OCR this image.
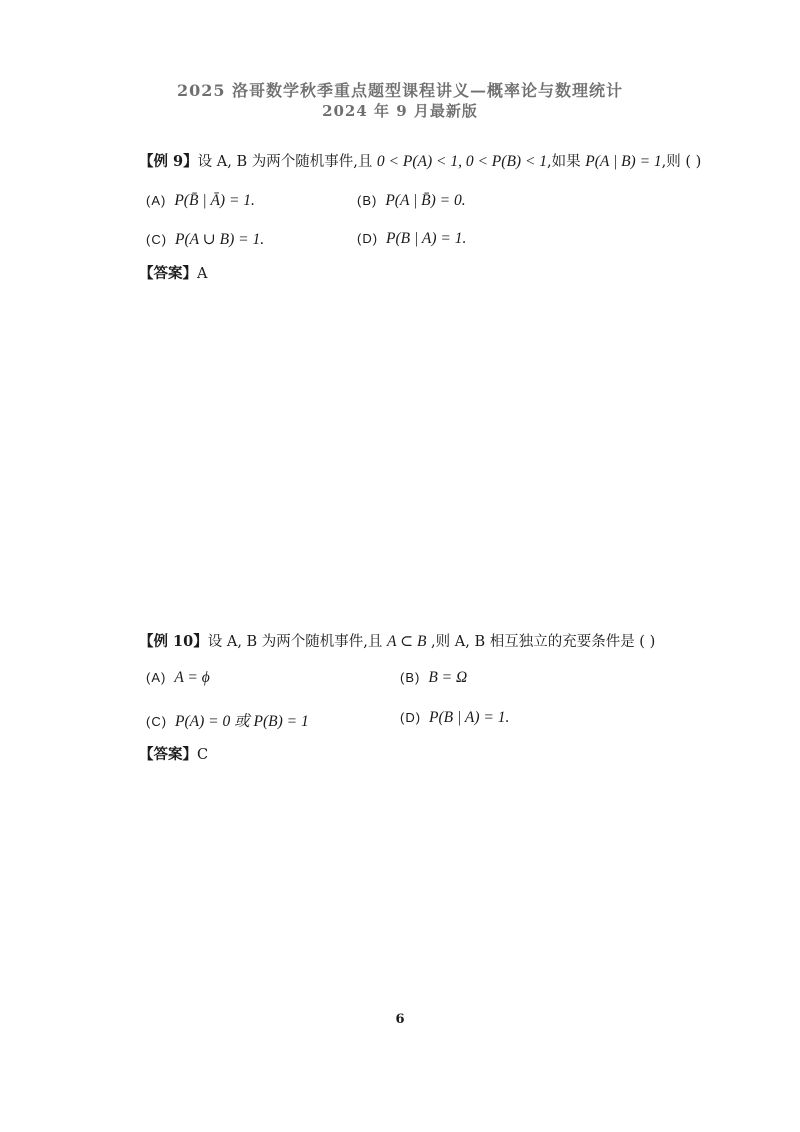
2025 洛哥数学秋季重点题型课程讲义—概率论与数理统计
2024 年 9 月最新版
【例 9】设 A, B 为两个随机事件,且 0 < P(A) < 1, 0 < P(B) < 1,如果 P(A | B) = 1,则 ( )
(A) P(B̄ | Ā) = 1.	(B) P(A | B̄) = 0.
(C) P(A ∪ B) = 1.	(D) P(B | A) = 1.
【答案】A
【例 10】设 A, B 为两个随机事件,且 A ⊂ B ,则 A, B 相互独立的充要条件是 ( )
(A) A = ϕ	(B) B = Ω
(C) P(A) = 0 或 P(B) = 1	(D) P(B | A) = 1.
【答案】C
6
